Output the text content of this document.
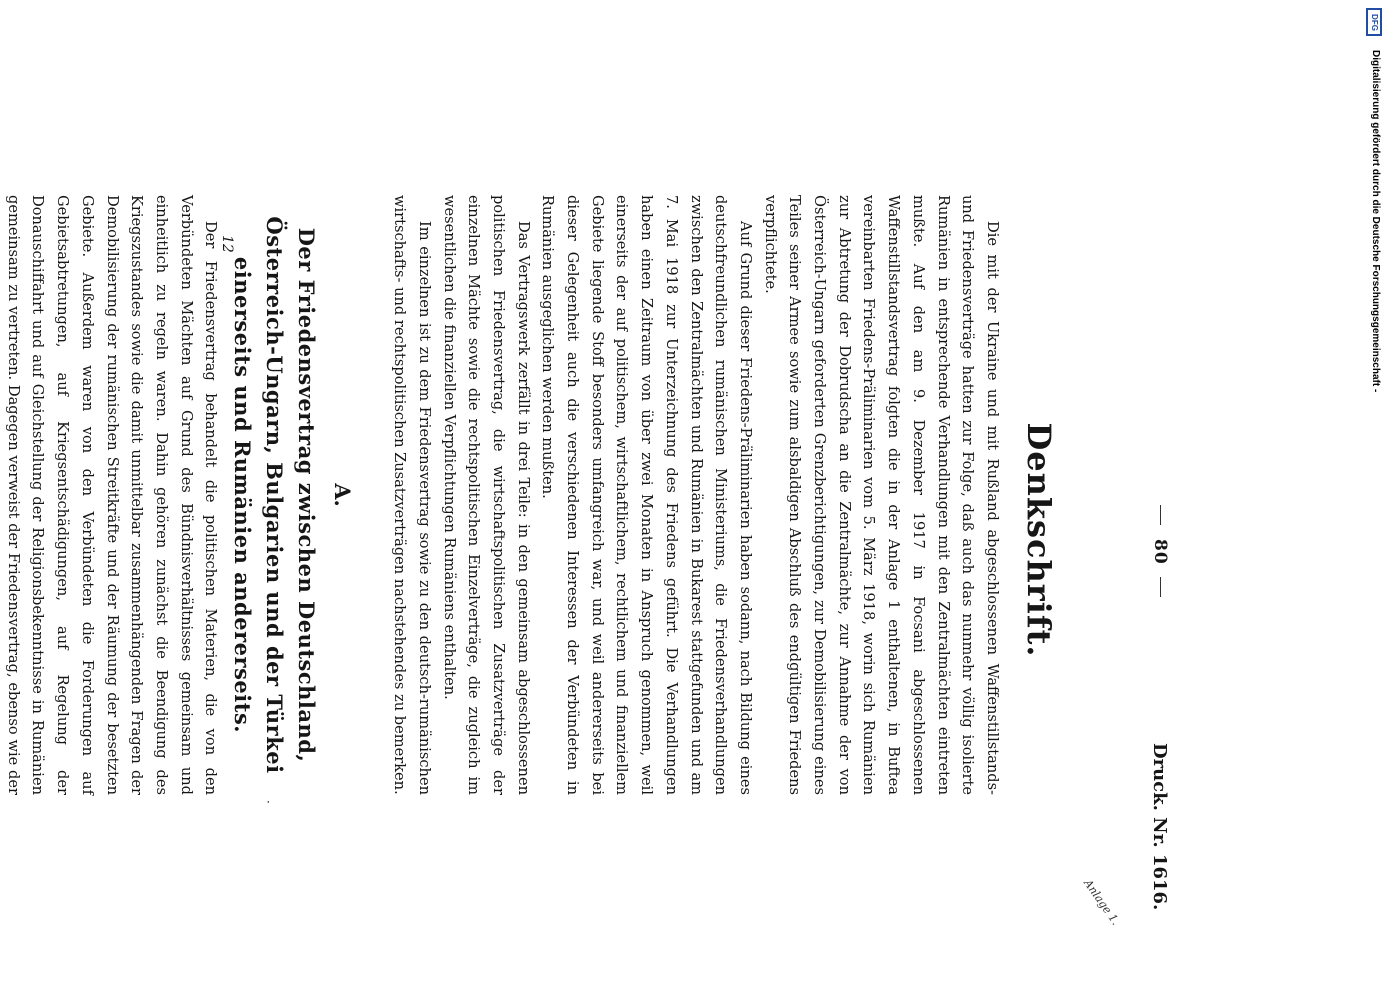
80
Druck. Nr. 1616.
Anlage 1.
Denkschrift.

Die mit der Ukraine und mit Rußland abgeschlossenen Waffenstillstands- und Friedensverträge hatten zur Folge, daß auch das nunmehr völlig isolierte Rumänien in entsprechende Verhandlungen mit den Zentralmächten eintreten mußte. Auf den am 9. Dezember 1917 in Focsani abgeschlossenen Waffenstillstandsvertrag folgten die in der Anlage 1 enthaltenen, in Buftea vereinbarten Friedens-Präliminarien vom 5. März 1918, worin sich Rumänien zur Abtretung der Dobrudscha an die Zentralmächte, zur Annahme der von Österreich-Ungarn geforderten Grenzberichtigungen, zur Demobilisierung eines Teiles seiner Armee sowie zum alsbaldigen Abschluß des endgültigen Friedens verpflichtete.

Auf Grund dieser Friedens-Präliminarien haben sodann, nach Bildung eines deutschfreundlichen rumänischen Ministeriums, die Friedensverhandlungen zwischen den Zentralmächten und Rumänien in Bukarest stattgefunden und am 7. Mai 1918 zur Unterzeichnung des Friedens geführt. Die Verhandlungen haben einen Zeitraum von über zwei Monaten in Anspruch genommen, weil einerseits der auf politischem, wirtschaftlichem, rechtlichem und finanziellem Gebiete liegende Stoff besonders umfangreich war, und weil andererseits bei dieser Gelegenheit auch die verschiedenen Interessen der Verbündeten in Rumänien ausgeglichen werden mußten.

Das Vertragswerk zerfällt in drei Teile: in den gemeinsam abgeschlossenen politischen Friedensvertrag, die wirtschaftspolitischen Zusatzverträge der einzelnen Mächte sowie die rechtspolitischen Einzelverträge, die zugleich im wesentlichen die finanziellen Verpflichtungen Rumäniens enthalten.

Im einzelnen ist zu dem Friedensvertrag sowie zu den deutsch-rumänischen wirtschafts- und rechtspolitischen Zusatzverträgen nachstehendes zu bemerken.

A.
Der Friedensvertrag zwischen Deutschland, Österreich-Ungarn, Bulgarien und der Türkei einerseits und Rumänien andererseits.

Der Friedensvertrag behandelt die politischen Materien, die von den Verbündeten Mächten auf Grund des Bündnisverhältnisses gemeinsam und einheitlich zu regeln waren. Dahin gehören zunächst die Beendigung des Kriegszustandes sowie die damit unmittelbar zusammenhängenden Fragen der Demobilisierung der rumänischen Streitkräfte und der Räumung der besetzten Gebiete. Außerdem waren von den Verbündeten die Forderungen auf Gebietsabtretungen, auf Kriegsentschädigungen, auf Regelung der Donauschiffahrt und auf Gleichstellung der Religionsbekenntnisse in Rumänien gemeinsam zu vertreten. Dagegen verweist der Friedensvertrag, ebenso wie der

12
·
DFG
Digitalisierung gefördert durch die Deutsche Forschungsgemeinschaft -
